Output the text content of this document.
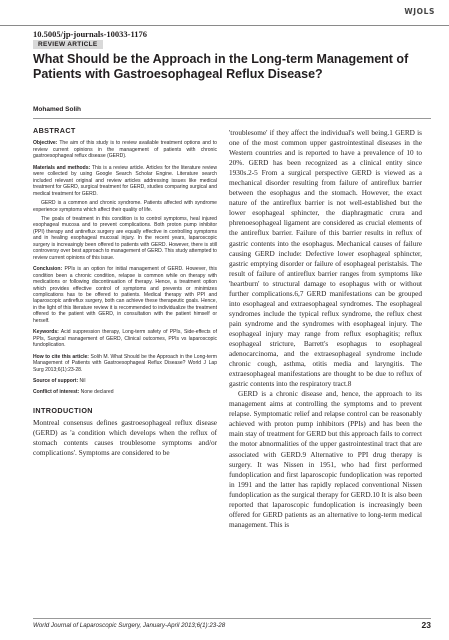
WJOLS
10.5005/jp-journals-10033-1176
REVIEW ARTICLE
What Should be the Approach in the Long-term Management of Patients with Gastroesophageal Reflux Disease?
Mohamed Solih
ABSTRACT

Objective: The aim of this study is to review available treatment options and to review current opinions in the management of patients with chronic gastroesophageal reflux disease (GERD).

Materials and methods: This is a review article. Articles for the literature review were collected by using Google Search Scholar Engine. Literature search included relevant original and review articles addressing issues like medical treatment for GERD, surgical treatment for GERD, studies comparing surgical and medical treatment for GERD.

GERD is a common and chronic syndrome. Patients affected with syndrome experience symptoms which affect their quality of life.

The goals of treatment in this condition is to control symptoms, heal injured esophageal mucosa and to prevent complications. Both proton pump inhibitor (PPI) therapy and antireflux surgery are equally effective in controlling symptoms and in healing esophageal mucosal injury. In the recent years, laparoscopic surgery is increasingly been offered to patients with GERD. However, there is still controversy over best approach to management of GERD. This study attempted to review current opinions of this issue.

Conclusion: PPIs is an option for initial management of GERD. However, this condition been a chronic condition, relapse is common while on therapy with medications or following discontinuation of therapy. Hence, a treatment option which provides effective control of symptoms and prevents or minimizes complications has to be offered to patients. Medical therapy with PPI and laparoscopic antireflux surgery, both can achieve these therapeutic goals. Hence, in the light of this literature review it is recommended to individualize the treatment offered to the patient with GERD, in consultation with the patient himself or herself.

Keywords: Acid suppression therapy, Long-term safety of PPIs, Side-effects of PPIs, Surgical management of GERD, Clinical outcomes, PPIs vs laparoscopic fundoplication.

How to cite this article: Solih M. What Should be the Approach in the Long-term Management of Patients with Gastroesophageal Reflux Disease? World J Lap Surg 2013;6(1):23-28.

Source of support: Nil

Conflict of interest: None declared

INTRODUCTION
Montreal consensus defines gastroesophageal reflux disease (GERD) as 'a condition which develops when the reflux of stomach contents causes troublesome symptoms and/or complications'. Symptoms are considered to be

'troublesome' if they affect the individual's well being.1 GERD is one of the most common upper gastrointestinal diseases in the Western countries and is reported to have a prevalence of 10 to 20%. GERD has been recognized as a clinical entity since 1930s.2-5 From a surgical perspective GERD is viewed as a mechanical disorder resulting from failure of antireflux barrier between the esophagus and the stomach. However, the exact nature of the antireflux barrier is not well-established but the lower esophageal sphincter, the diaphragmatic crura and phrenoesophageal ligament are considered as crucial elements of the antireflux barrier. Failure of this barrier results in reflux of gastric contents into the esophagus. Mechanical causes of failure causing GERD include: Defective lower esophageal sphincter, gastric emptying disorder or failure of esophageal peristalsis. The result of failure of antireflux barrier ranges from symptoms like 'heartburn' to structural damage to esophagus with or without further complications.6,7 GERD manifestations can be grouped into esophageal and extraesophageal syndromes. The esophageal syndromes include the typical reflux syndrome, the reflux chest pain syndrome and the syndromes with esophageal injury. The esophageal injury may range from reflux esophagitis; reflux esophageal stricture, Barrett's esophagus to esophageal adenocarcinoma, and the extraesophageal syndrome include chronic cough, asthma, otitis media and laryngitis. The extraesophageal manifestations are thought to be due to reflux of gastric contents into the respiratory tract.8

GERD is a chronic disease and, hence, the approach to its management aims at controlling the symptoms and to prevent relapse. Symptomatic relief and relapse control can be reasonably achieved with proton pump inhibitors (PPIs) and has been the main stay of treatment for GERD but this approach fails to correct the motor abnormalities of the upper gastrointestinal tract that are associated with GERD.9 Alternative to PPI drug therapy is surgery. It was Nissen in 1951, who had first performed fundoplication and first laparoscopic fundoplication was reported in 1991 and the latter has rapidly replaced conventional Nissen fundoplication as the surgical therapy for GERD.10 It is also been reported that laparoscopic fundoplication is increasingly been offered for GERD patients as an alternative to long-term medical management. This is

World Journal of Laparoscopic Surgery, January-April 2013;6(1):23-28	23
